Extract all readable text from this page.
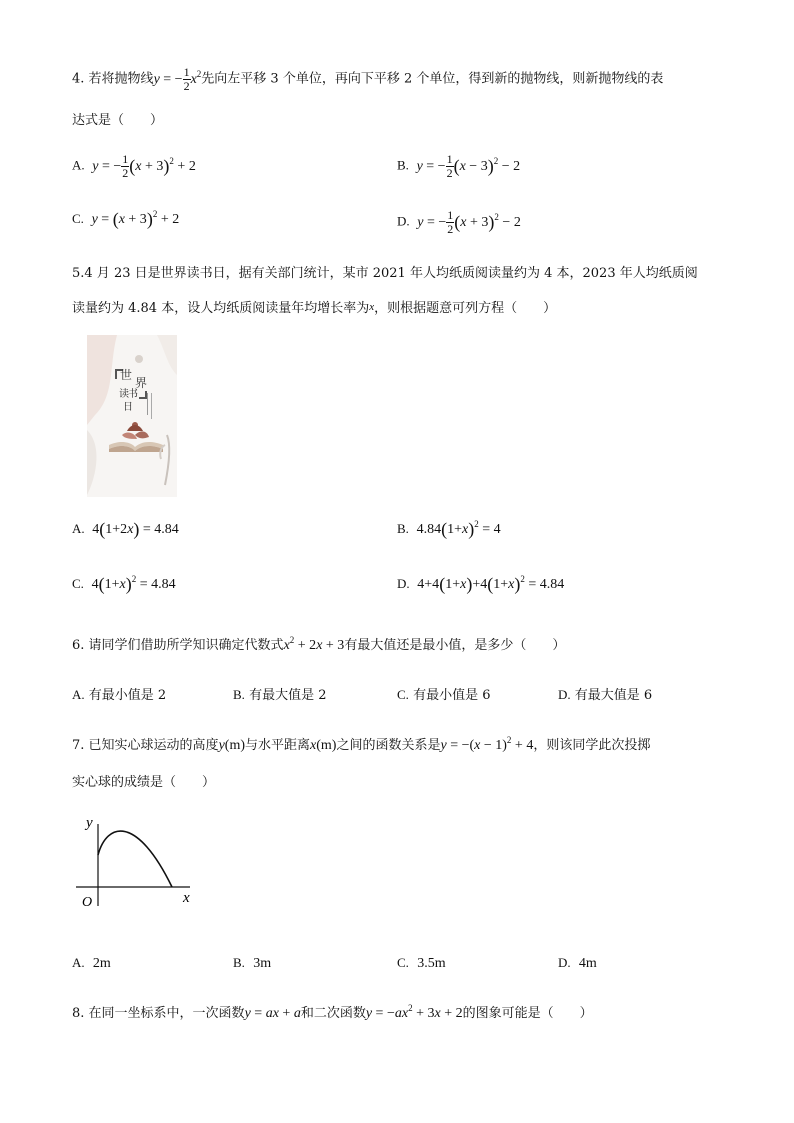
4. 若将抛物线y = − $\frac{1}{2} x^2$先向左平移 3 个单位，再向下平移 2 个单位，得到新的抛物线，则新抛物线的表
达式是（　　）
A. y = − $\frac{1}{2} (x + 3)^2 + 2$	B. y = − $\frac{1}{2} (x - 3)^2 - 2$
C. $y = (x + 3)^2 + 2$	D. y = − $\frac{1}{2} (x + 3)^2 - 2$
5.4 月 23 日是世界读书日，据有关部门统计，某市 2021 年人均纸质阅读量约为 4 本，2023 年人均纸质阅
读量约为 4.84 本，设人均纸质阅读量年均增长率为x，则根据题意可列方程（　　）
世
界
读 书
日
A.  4(1+2x) = 4.84	B.  $4.84(1+x)^2 = 4$
C.  $4(1+x)^2 = 4.84$	D.  $4+4(1+x)+4(1+x)^2 = 4.84$
6. 请同学们借助所学知识确定代数式$x^2 + 2x + 3$有最大值还是最小值，是多少（　　）
A. 有最小值是 2	B. 有最大值是 2	C. 有最小值是 6	D. 有最大值是 6
7. 已知实心球运动的高度y(m)与水平距离x(m)之间的函数关系是$y = -(x - 1)^2 + 4$，则该同学此次投掷
实心球的成绩是（　　）
y
x
O
A. 2m	B. 3m	C. 3.5m	D. 4m
8. 在同一坐标系中，一次函数y = ax + a和二次函数$y = -ax^2 + 3x + 2$的图象可能是（　　）
